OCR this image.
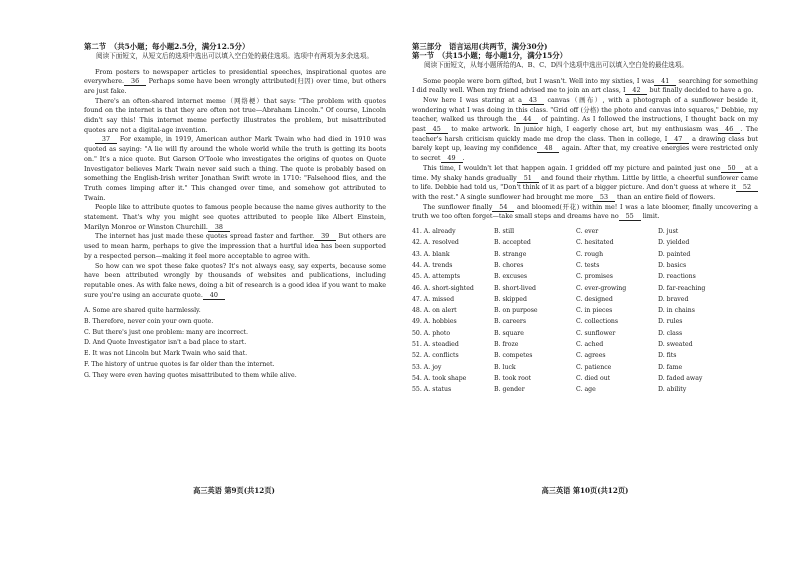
第二节　（共5小题；每小题2.5分，满分12.5分）

阅读下面短文，从短文后的选项中选出可以填入空白处的最佳选项。选项中有两项为多余选项。

From posters to newspaper articles to presidential speeches, inspirational quotes are everywhere. 36 Perhaps some have been wrongly attributed(归因) over time, but others are just fake.

There's an often-shared internet meme（网络梗）that says: "The problem with quotes found on the internet is that they are often not true—Abraham Lincoln." Of course, Lincoln didn't say this! This internet meme perfectly illustrates the problem, but misattributed quotes are not a digital-age invention.

37 For example, in 1919, American author Mark Twain who had died in 1910 was quoted as saying: "A lie will fly around the whole world while the truth is getting its boots on." It's a nice quote. But Garson O'Toole who investigates the origins of quotes on Quote Investigator believes Mark Twain never said such a thing. The quote is probably based on something the English-Irish writer Jonathan Swift wrote in 1710: "Falsehood flies, and the Truth comes limping after it." This changed over time, and somehow got attributed to Twain.

People like to attribute quotes to famous people because the name gives authority to the statement. That's why you might see quotes attributed to people like Albert Einstein, Marilyn Monroe or Winston Churchill. 38

The internet has just made these quotes spread faster and farther. 39 But others are used to mean harm, perhaps to give the impression that a hurtful idea has been supported by a respected person—making it feel more acceptable to agree with.

So how can we spot these fake quotes? It's not always easy, say experts, because some have been attributed wrongly by thousands of websites and publications, including reputable ones. As with fake news, doing a bit of research is a good idea if you want to make sure you're using an accurate quote. 40

A. Some are shared quite harmlessly.
B. Therefore, never coin your own quote.
C. But there's just one problem: many are incorrect.
D. And Quote Investigator isn't a bad place to start.
E. It was not Lincoln but Mark Twain who said that.
F. The history of untrue quotes is far older than the internet.
G. They were even having quotes misattributed to them while alive.
高三英语 第9页(共12页)
第三部分　语言运用(共两节，满分30分)
第一节　（共15小题；每小题1分，满分15分）

阅读下面短文，从每小题所给的A、B、C、D四个选项中选出可以填入空白处的最佳选项。

Some people were born gifted, but I wasn't. Well into my sixties, I was 41 searching for something I did really well. When my friend advised me to join an art class, I 42 but finally decided to have a go.

Now here I was staring at a 43 canvas（画布）, with a photograph of a sunflower beside it, wondering what I was doing in this class. "Grid off (分格) the photo and canvas into squares," Debbie, my teacher, walked us through the 44 of painting. As I followed the instructions, I thought back on my past 45 to make artwork. In junior high, I eagerly chose art, but my enthusiasm was 46 . The teacher's harsh criticism quickly made me drop the class. Then in college, I 47 a drawing class but barely kept up, leaving my confidence 48 again. After that, my creative energies were restricted only to secret 49 .

This time, I wouldn't let that happen again. I gridded off my picture and painted just one 50 at a time. My shaky hands gradually 51 and found their rhythm. Little by little, a cheerful sunflower came to life. Debbie had told us, "Don't think of it as part of a bigger picture. And don't guess at where it 52 with the rest." A single sunflower had brought me more 53 than an entire field of flowers.

The sunflower finally 54 and bloomed(开花) within me! I was a late bloomer, finally uncovering a truth we too often forget—take small steps and dreams have no 55 limit.

41. A. already	B. still	C. ever	D. just
42. A. resolved	B. accepted	C. hesitated	D. yielded
43. A. blank	B. strange	C. rough	D. painted
44. A. trends	B. chores	C. tests	D. basics
45. A. attempts	B. excuses	C. promises	D. reactions
46. A. short-sighted	B. short-lived	C. ever-growing	D. far-reaching
47. A. missed	B. skipped	C. designed	D. braved
48. A. on alert	B. on purpose	C. in pieces	D. in chains
49. A. hobbies	B. careers	C. collections	D. rules
50. A. photo	B. square	C. sunflower	D. class
51. A. steadied	B. froze	C. ached	D. sweated
52. A. conflicts	B. competes	C. agrees	D. fits
53. A. joy	B. luck	C. patience	D. fame
54. A. took shape	B. took root	C. died out	D. faded away
55. A. status	B. gender	C. age	D. ability
高三英语 第10页(共12页)
